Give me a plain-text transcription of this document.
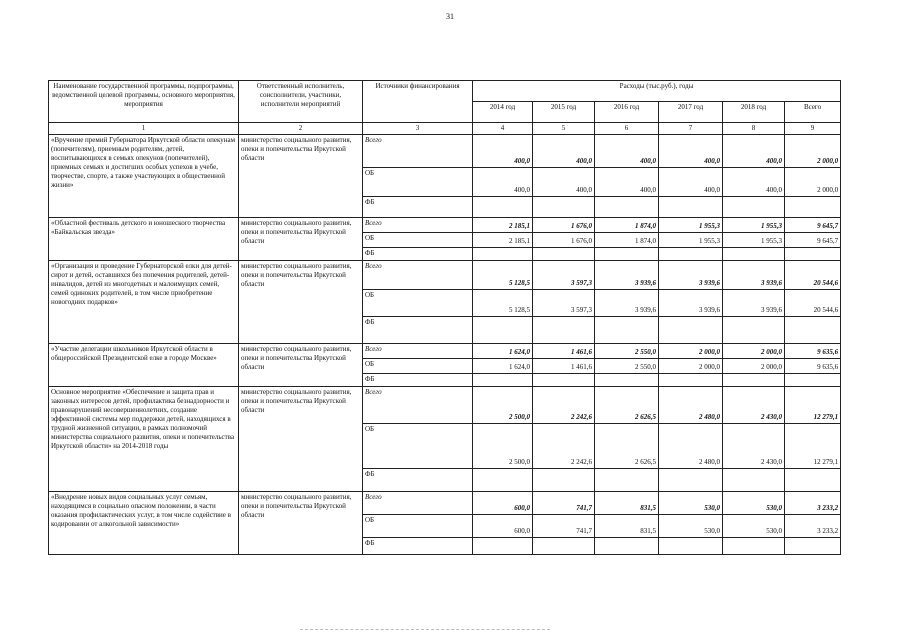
31
Наименование государственной программы, подпрограммы, ведомственной целевой программы, основного мероприятия, мероприятия	Ответственный исполнитель, соисполнители, участники, исполнители мероприятий	Источники финансирования	Расходы (тыс.руб.), годы					
			2014 год	2015 год	2016 год	2017 год	2018 год	Всего
1	2	3	4	5	6	7	8	9
«Вручение премий Губернатора Иркутской области опекунам (попечителям), приемным родителям, детей, воспитывающихся в семьях опекунов (попечителей), приемных семьях и достигших особых успехов в учебе, творчестве, спорте, а также участвующих в общественной жизни»	министерство социального развития, опеки и попечительства Иркутской области	Всего	400,0	400,0	400,0	400,0	400,0	2 000,0
		ОБ	400,0	400,0	400,0	400,0	400,0	2 000,0
		ФБ						
«Областной фестиваль детского и юношеского творчества «Байкальская звезда»	министерство социального развития, опеки и попечительства Иркутской области	Всего	2 185,1	1 676,0	1 874,0	1 955,3	1 955,3	9 645,7
		ОБ	2 185,1	1 676,0	1 874,0	1 955,3	1 955,3	9 645,7
		ФБ						
«Организация и проведение Губернаторской елки для детей-сирот и детей, оставшихся без попечения родителей, детей-инвалидов, детей из многодетных и малоимущих семей, семей одиноких родителей, в том числе приобретение новогодних подарков»	министерство социального развития, опеки и попечительства Иркутской области	Всего	5 128,5	3 597,3	3 939,6	3 939,6	3 939,6	20 544,6
		ОБ	5 128,5	3 597,3	3 939,6	3 939,6	3 939,6	20 544,6
		ФБ						
«Участие делегации школьников Иркутской области в общероссийской Президентской елке в городе Москве»	министерство социального развития, опеки и попечительства Иркутской области	Всего	1 624,0	1 461,6	2 550,0	2 000,0	2 000,0	9 635,6
		ОБ	1 624,0	1 461,6	2 550,0	2 000,0	2 000,0	9 635,6
		ФБ						
Основное мероприятие «Обеспечение и защита прав и законных интересов детей, профилактика безнадзорности и правонарушений несовершеннолетних, создание эффективной системы мер поддержки детей, находящихся в трудной жизненной ситуации, в рамках полномочий министерства социального развития, опеки и попечительства Иркутской области» на 2014-2018 годы	министерство социального развития, опеки и попечительства Иркутской области	Всего	2 500,0	2 242,6	2 626,5	2 480,0	2 430,0	12 279,1
		ОБ	2 500,0	2 242,6	2 626,5	2 480,0	2 430,0	12 279,1
		ФБ						
«Внедрение новых видов социальных услуг семьям, находящимся в социально опасном положении, в части оказания профилактических услуг, в том числе содействие в кодировании от алкогольной зависимости»	министерство социального развития, опеки и попечительства Иркутской области	Всего	600,0	741,7	831,5	530,0	530,0	3 233,2
		ОБ	600,0	741,7	831,5	530,0	530,0	3 233,2
		ФБ						
